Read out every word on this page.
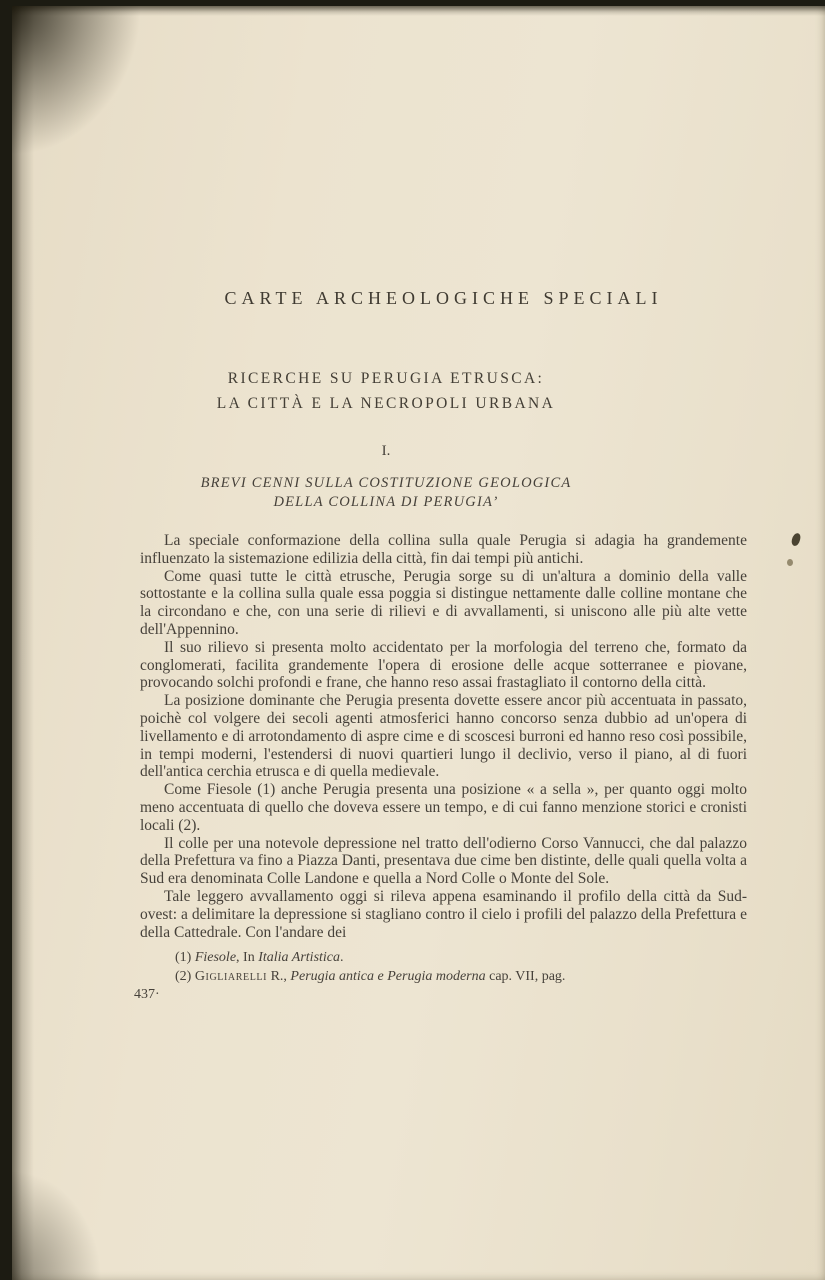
CARTE ARCHEOLOGICHE SPECIALI
RICERCHE SU PERUGIA ETRUSCA:
LA CITTÀ E LA NECROPOLI URBANA
I.
BREVI CENNI SULLA COSTITUZIONE GEOLOGICA
DELLA COLLINA DI PERUGIA’

La speciale conformazione della collina sulla quale Perugia si adagia ha grandemente influenzato la sistemazione edilizia della città, fin dai tempi più antichi.

Come quasi tutte le città etrusche, Perugia sorge su di un'altura a dominio della valle sottostante e la collina sulla quale essa poggia si distingue nettamente dalle colline montane che la circondano e che, con una serie di rilievi e di avvallamenti, si uniscono alle più alte vette dell'Appennino.

Il suo rilievo si presenta molto accidentato per la morfologia del terreno che, formato da conglomerati, facilita grandemente l'opera di erosione delle acque sotterranee e piovane, provocando solchi profondi e frane, che hanno reso assai frastagliato il contorno della città.

La posizione dominante che Perugia presenta dovette essere ancor più accentuata in passato, poichè col volgere dei secoli agenti atmosferici hanno concorso senza dubbio ad un'opera di livellamento e di arrotondamento di aspre cime e di scoscesi burroni ed hanno reso così possibile, in tempi moderni, l'estendersi di nuovi quartieri lungo il declivio, verso il piano, al di fuori dell'antica cerchia etrusca e di quella medievale.

Come Fiesole (1) anche Perugia presenta una posizione « a sella », per quanto oggi molto meno accentuata di quello che doveva essere un tempo, e di cui fanno menzione storici e cronisti locali (2).

Il colle per una notevole depressione nel tratto dell'odierno Corso Vannucci, che dal palazzo della Prefettura va fino a Piazza Danti, presentava due cime ben distinte, delle quali quella volta a Sud era denominata Colle Landone e quella a Nord Colle o Monte del Sole.

Tale leggero avvallamento oggi si rileva appena esaminando il profilo della città da Sud-ovest: a delimitare la depressione si stagliano contro il cielo i profili del palazzo della Prefettura e della Cattedrale. Con l'andare dei

(1) Fiesole, In Italia Artistica.

(2) Gigliarelli R., Perugia antica e Perugia moderna cap. VII, pag.

437·
